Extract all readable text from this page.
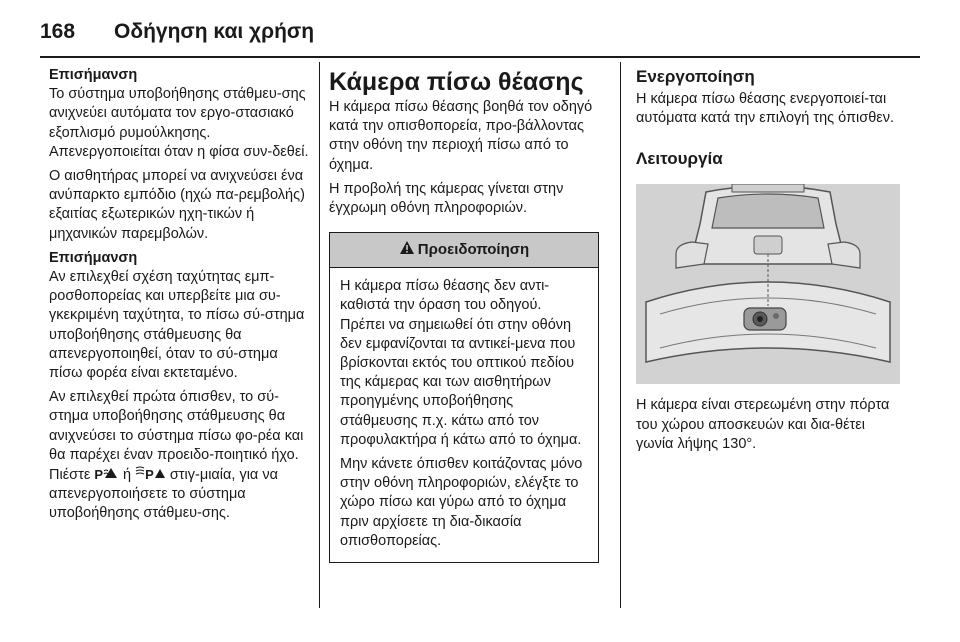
168 Οδήγηση και χρήση
Επισήμανση

Το σύστημα υποβοήθησης στάθμευ-σης ανιχνεύει αυτόματα τον εργο-στασιακό εξοπλισμό ρυμούλκησης. Απενεργοποιείται όταν η φίσα συν-δεθεί.

Ο αισθητήρας μπορεί να ανιχνεύσει ένα ανύπαρκτο εμπόδιο (ηχώ πα-ρεμβολής) εξαιτίας εξωτερικών ηχη-τικών ή μηχανικών παρεμβολών.

Επισήμανση

Αν επιλεχθεί σχέση ταχύτητας εμπ-ροσθοπορείας και υπερβείτε μια συ-γκεκριμένη ταχύτητα, το πίσω σύ-στημα υποβοήθησης στάθμευσης θα απενεργοποιηθεί, όταν το σύ-στημα πίσω φορέα είναι εκτεταμένο.

Αν επιλεχθεί πρώτα όπισθεν, το σύ-στημα υποβοήθησης στάθμευσης θα ανιχνεύσει το σύστημα πίσω φο-ρέα και θα παρέχει έναν προειδο-ποιητικό ήχο. Πιέστε P ή P στιγ-μιαία, για να απενεργοποιήσετε το σύστημα υποβοήθησης στάθμευ-σης.

Κάμερα πίσω θέασης

Η κάμερα πίσω θέασης βοηθά τον οδηγό κατά την οπισθοπορεία, προ-βάλλοντας στην οθόνη την περιοχή πίσω από το όχημα.

Η προβολή της κάμερας γίνεται στην έγχρωμη οθόνη πληροφοριών.

Προειδοποίηση

Η κάμερα πίσω θέασης δεν αντι-καθιστά την όραση του οδηγού. Πρέπει να σημειωθεί ότι στην οθόνη δεν εμφανίζονται τα αντικεί-μενα που βρίσκονται εκτός του οπτικού πεδίου της κάμερας και των αισθητήρων προηγμένης υποβοήθησης στάθμευσης π.χ. κάτω από τον προφυλακτήρα ή κάτω από το όχημα.

Μην κάνετε όπισθεν κοιτάζοντας μόνο στην οθόνη πληροφοριών, ελέγξτε το χώρο πίσω και γύρω από το όχημα πριν αρχίσετε τη δια-δικασία οπισθοπορείας.

Ενεργοποίηση

Η κάμερα πίσω θέασης ενεργοποιεί-ται αυτόματα κατά την επιλογή της όπισθεν.

Λειτουργία

Η κάμερα είναι στερεωμένη στην πόρτα του χώρου αποσκευών και δια-θέτει γωνία λήψης 130°.
